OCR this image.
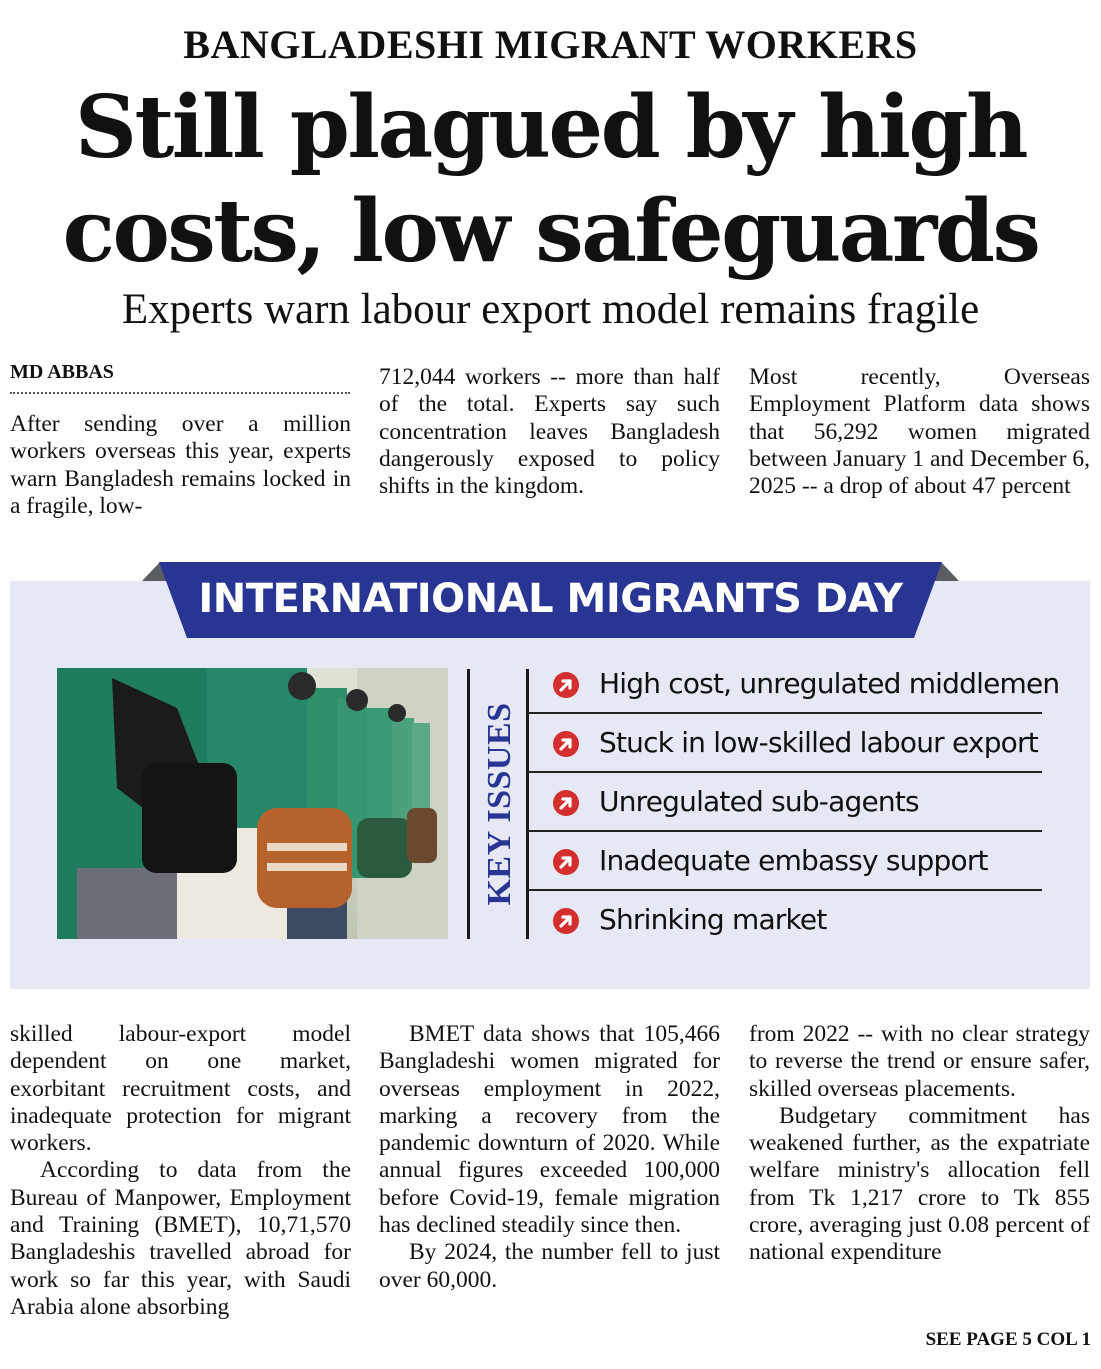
BANGLADESHI MIGRANT WORKERS
Still plagued by high
costs, low safeguards
Experts warn labour export model remains fragile
MD ABBAS

After sending over a million workers overseas this year, experts warn Bangladesh remains locked in a fragile, low-

712,044 workers -- more than half of the total. Experts say such concentration leaves Bangladesh dangerously exposed to policy shifts in the kingdom.

Most recently, Overseas Employment Platform data shows that 56,292 women migrated between January 1 and December 6, 2025 -- a drop of about 47 percent

INTERNATIONAL MIGRANTS DAY
KEY ISSUES
High cost, unregulated middlemen
Stuck in low-skilled labour export
Unregulated sub-agents
Inadequate embassy support
Shrinking market

skilled labour-export model dependent on one market, exorbitant recruitment costs, and inadequate protection for migrant workers.

According to data from the Bureau of Manpower, Employment and Training (BMET), 10,71,570 Bangladeshis travelled abroad for work so far this year, with Saudi Arabia alone absorbing

BMET data shows that 105,466 Bangladeshi women migrated for overseas employment in 2022, marking a recovery from the pandemic downturn of 2020. While annual figures exceeded 100,000 before Covid-19, female migration has declined steadily since then.

By 2024, the number fell to just over 60,000.

from 2022 -- with no clear strategy to reverse the trend or ensure safer, skilled overseas placements.

Budgetary commitment has weakened further, as the expatriate welfare ministry's allocation fell from Tk 1,217 crore to Tk 855 crore, averaging just 0.08 percent of national expenditure

SEE PAGE 5 COL 1
